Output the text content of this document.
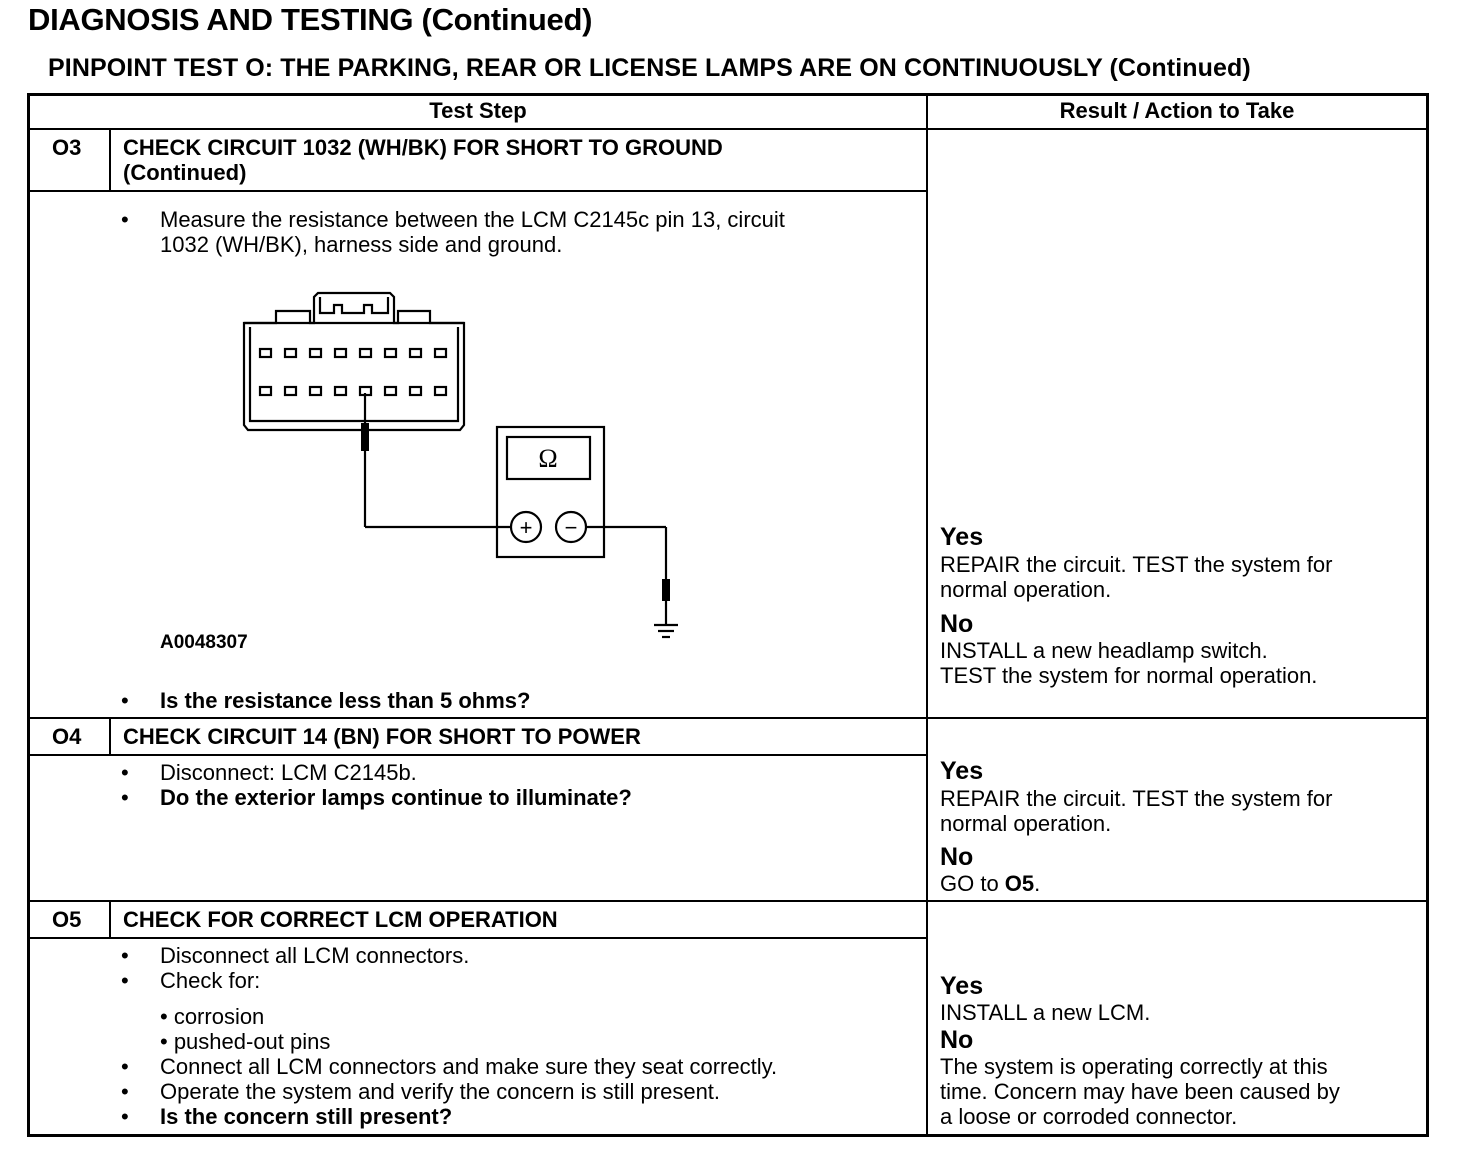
DIAGNOSIS AND TESTING (Continued)
PINPOINT TEST O: THE PARKING, REAR OR LICENSE LAMPS ARE ON CONTINUOUSLY (Continued)
Test Step	Result / Action to Take
O3 CHECK CIRCUIT 1032 (WH/BK) FOR SHORT TO GROUND
(Continued)
• Measure the resistance between the LCM C2145c pin 13, circuit
1032 (WH/BK), harness side and ground.
Ω
+ −
A0048307
• Is the resistance less than 5 ohms?
Yes
REPAIR the circuit. TEST the system for
normal operation.
No
INSTALL a new headlamp switch.
TEST the system for normal operation.
O4 CHECK CIRCUIT 14 (BN) FOR SHORT TO POWER
• Disconnect: LCM C2145b.
• Do the exterior lamps continue to illuminate?
Yes
REPAIR the circuit. TEST the system for
normal operation.
No
GO to O5.
O5 CHECK FOR CORRECT LCM OPERATION
• Disconnect all LCM connectors.
• Check for:
• corrosion
• pushed-out pins
• Connect all LCM connectors and make sure they seat correctly.
• Operate the system and verify the concern is still present.
• Is the concern still present?
Yes
INSTALL a new LCM.
No
The system is operating correctly at this
time. Concern may have been caused by
a loose or corroded connector.
